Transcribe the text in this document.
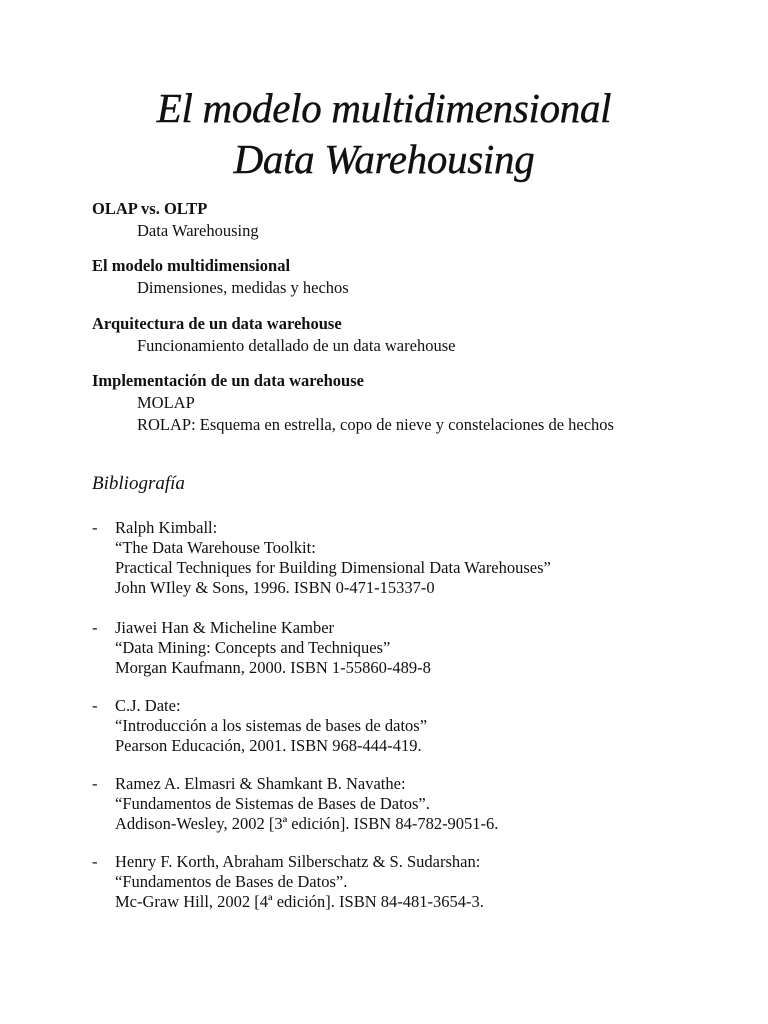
El modelo multidimensional
Data Warehousing
OLAP vs. OLTP
Data Warehousing
El modelo multidimensional
Dimensiones, medidas y hechos
Arquitectura de un data warehouse
Funcionamiento detallado de un data warehouse
Implementación de un data warehouse
MOLAP
ROLAP: Esquema en estrella, copo de nieve y constelaciones de hechos
Bibliografía
-	Ralph Kimball:
“The Data Warehouse Toolkit:
Practical Techniques for Building Dimensional Data Warehouses”
John WIley & Sons, 1996. ISBN 0-471-15337-0
-	Jiawei Han & Micheline Kamber
“Data Mining: Concepts and Techniques”
Morgan Kaufmann, 2000. ISBN 1-55860-489-8
-	C.J. Date:
“Introducción a los sistemas de bases de datos”
Pearson Educación, 2001. ISBN 968-444-419.
-	Ramez A. Elmasri & Shamkant B. Navathe:
“Fundamentos de Sistemas de Bases de Datos”.
Addison-Wesley, 2002 [3ª edición]. ISBN 84-782-9051-6.
-	Henry F. Korth, Abraham Silberschatz & S. Sudarshan:
“Fundamentos de Bases de Datos”.
Mc-Graw Hill, 2002 [4ª edición]. ISBN 84-481-3654-3.
